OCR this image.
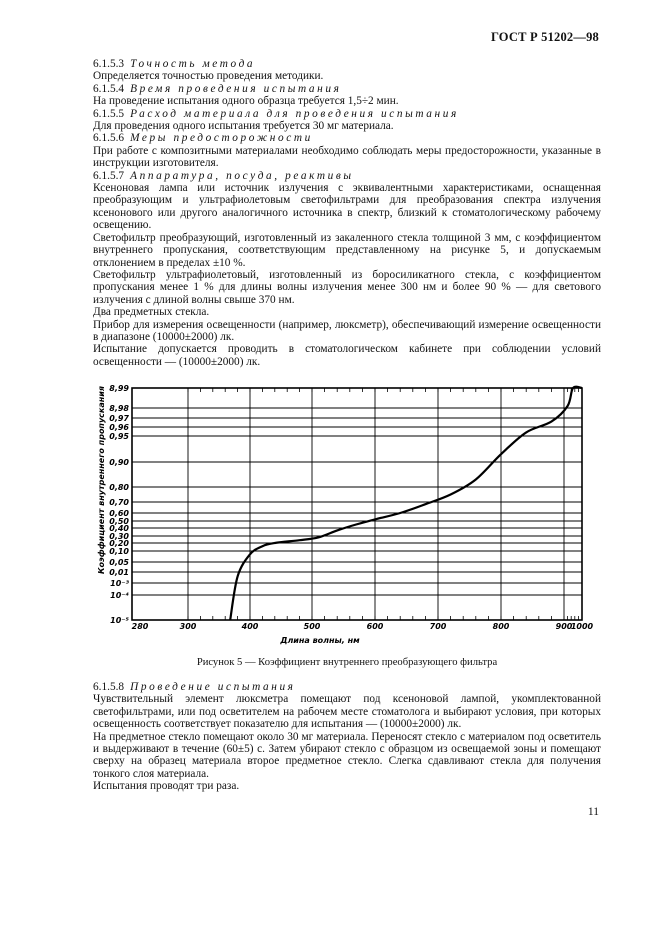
ГОСТ Р 51202—98

6.1.5.3 Точность метода

Определяется точностью проведения методики.

6.1.5.4 Время проведения испытания

На проведение испытания одного образца требуется 1,5÷2 мин.

6.1.5.5 Расход материала для проведения испытания

Для проведения одного испытания требуется 30 мг материала.

6.1.5.6 Меры предосторожности

При работе с композитными материалами необходимо соблюдать меры предосторожности, указанные в инструкции изготовителя.

6.1.5.7 Аппаратура, посуда, реактивы

Ксеноновая лампа или источник излучения с эквивалентными характеристиками, оснащенная преобразующим и ультрафиолетовым светофильтрами для преобразования спектра излучения ксенонового или другого аналогичного источника в спектр, близкий к стоматологическому рабочему освещению.

Светофильтр преобразующий, изготовленный из закаленного стекла толщиной 3 мм, с коэффициентом внутреннего пропускания, соответствующим представленному на рисунке 5, и допускаемым отклонением в пределах ±10 %.

Светофильтр ультрафиолетовый, изготовленный из боросиликатного стекла, с коэффициентом пропускания менее 1 % для длины волны излучения менее 300 нм и более 90 % — для светового излучения с длиной волны свыше 370 нм.

Два предметных стекла.

Прибор для измерения освещенности (например, люксметр), обеспечивающий измерение освещенности в диапазоне (10000±2000) лк.

Испытание допускается проводить в стоматологическом кабинете при соблюдении условий освещенности — (10000±2000) лк.

8,99
8,98
0,97
0,96
0,95
0,90
0,80
0,70
0,60
0,50
0,40
0,30
0,20
0,10
0,05
0,01
10⁻³
10⁻⁴
10⁻⁵
280	300	400	500	600	700	800	900
1000
Коэффициент внутреннего пропускания
Длина волны, нм
Рисунок 5 — Коэффициент внутреннего преобразующего фильтра

6.1.5.8 Проведение испытания

Чувствительный элемент люксметра помещают под ксеноновой лампой, укомплектованной светофильтрами, или под осветителем на рабочем месте стоматолога и выбирают условия, при которых освещенность соответствует показателю для испытания — (10000±2000) лк.

На предметное стекло помещают около 30 мг материала. Переносят стекло с материалом под осветитель и выдерживают в течение (60±5) с. Затем убирают стекло с образцом из освещаемой зоны и помещают сверху на образец материала второе предметное стекло. Слегка сдавливают стекла для получения тонкого слоя материала.

Испытания проводят три раза.

11
